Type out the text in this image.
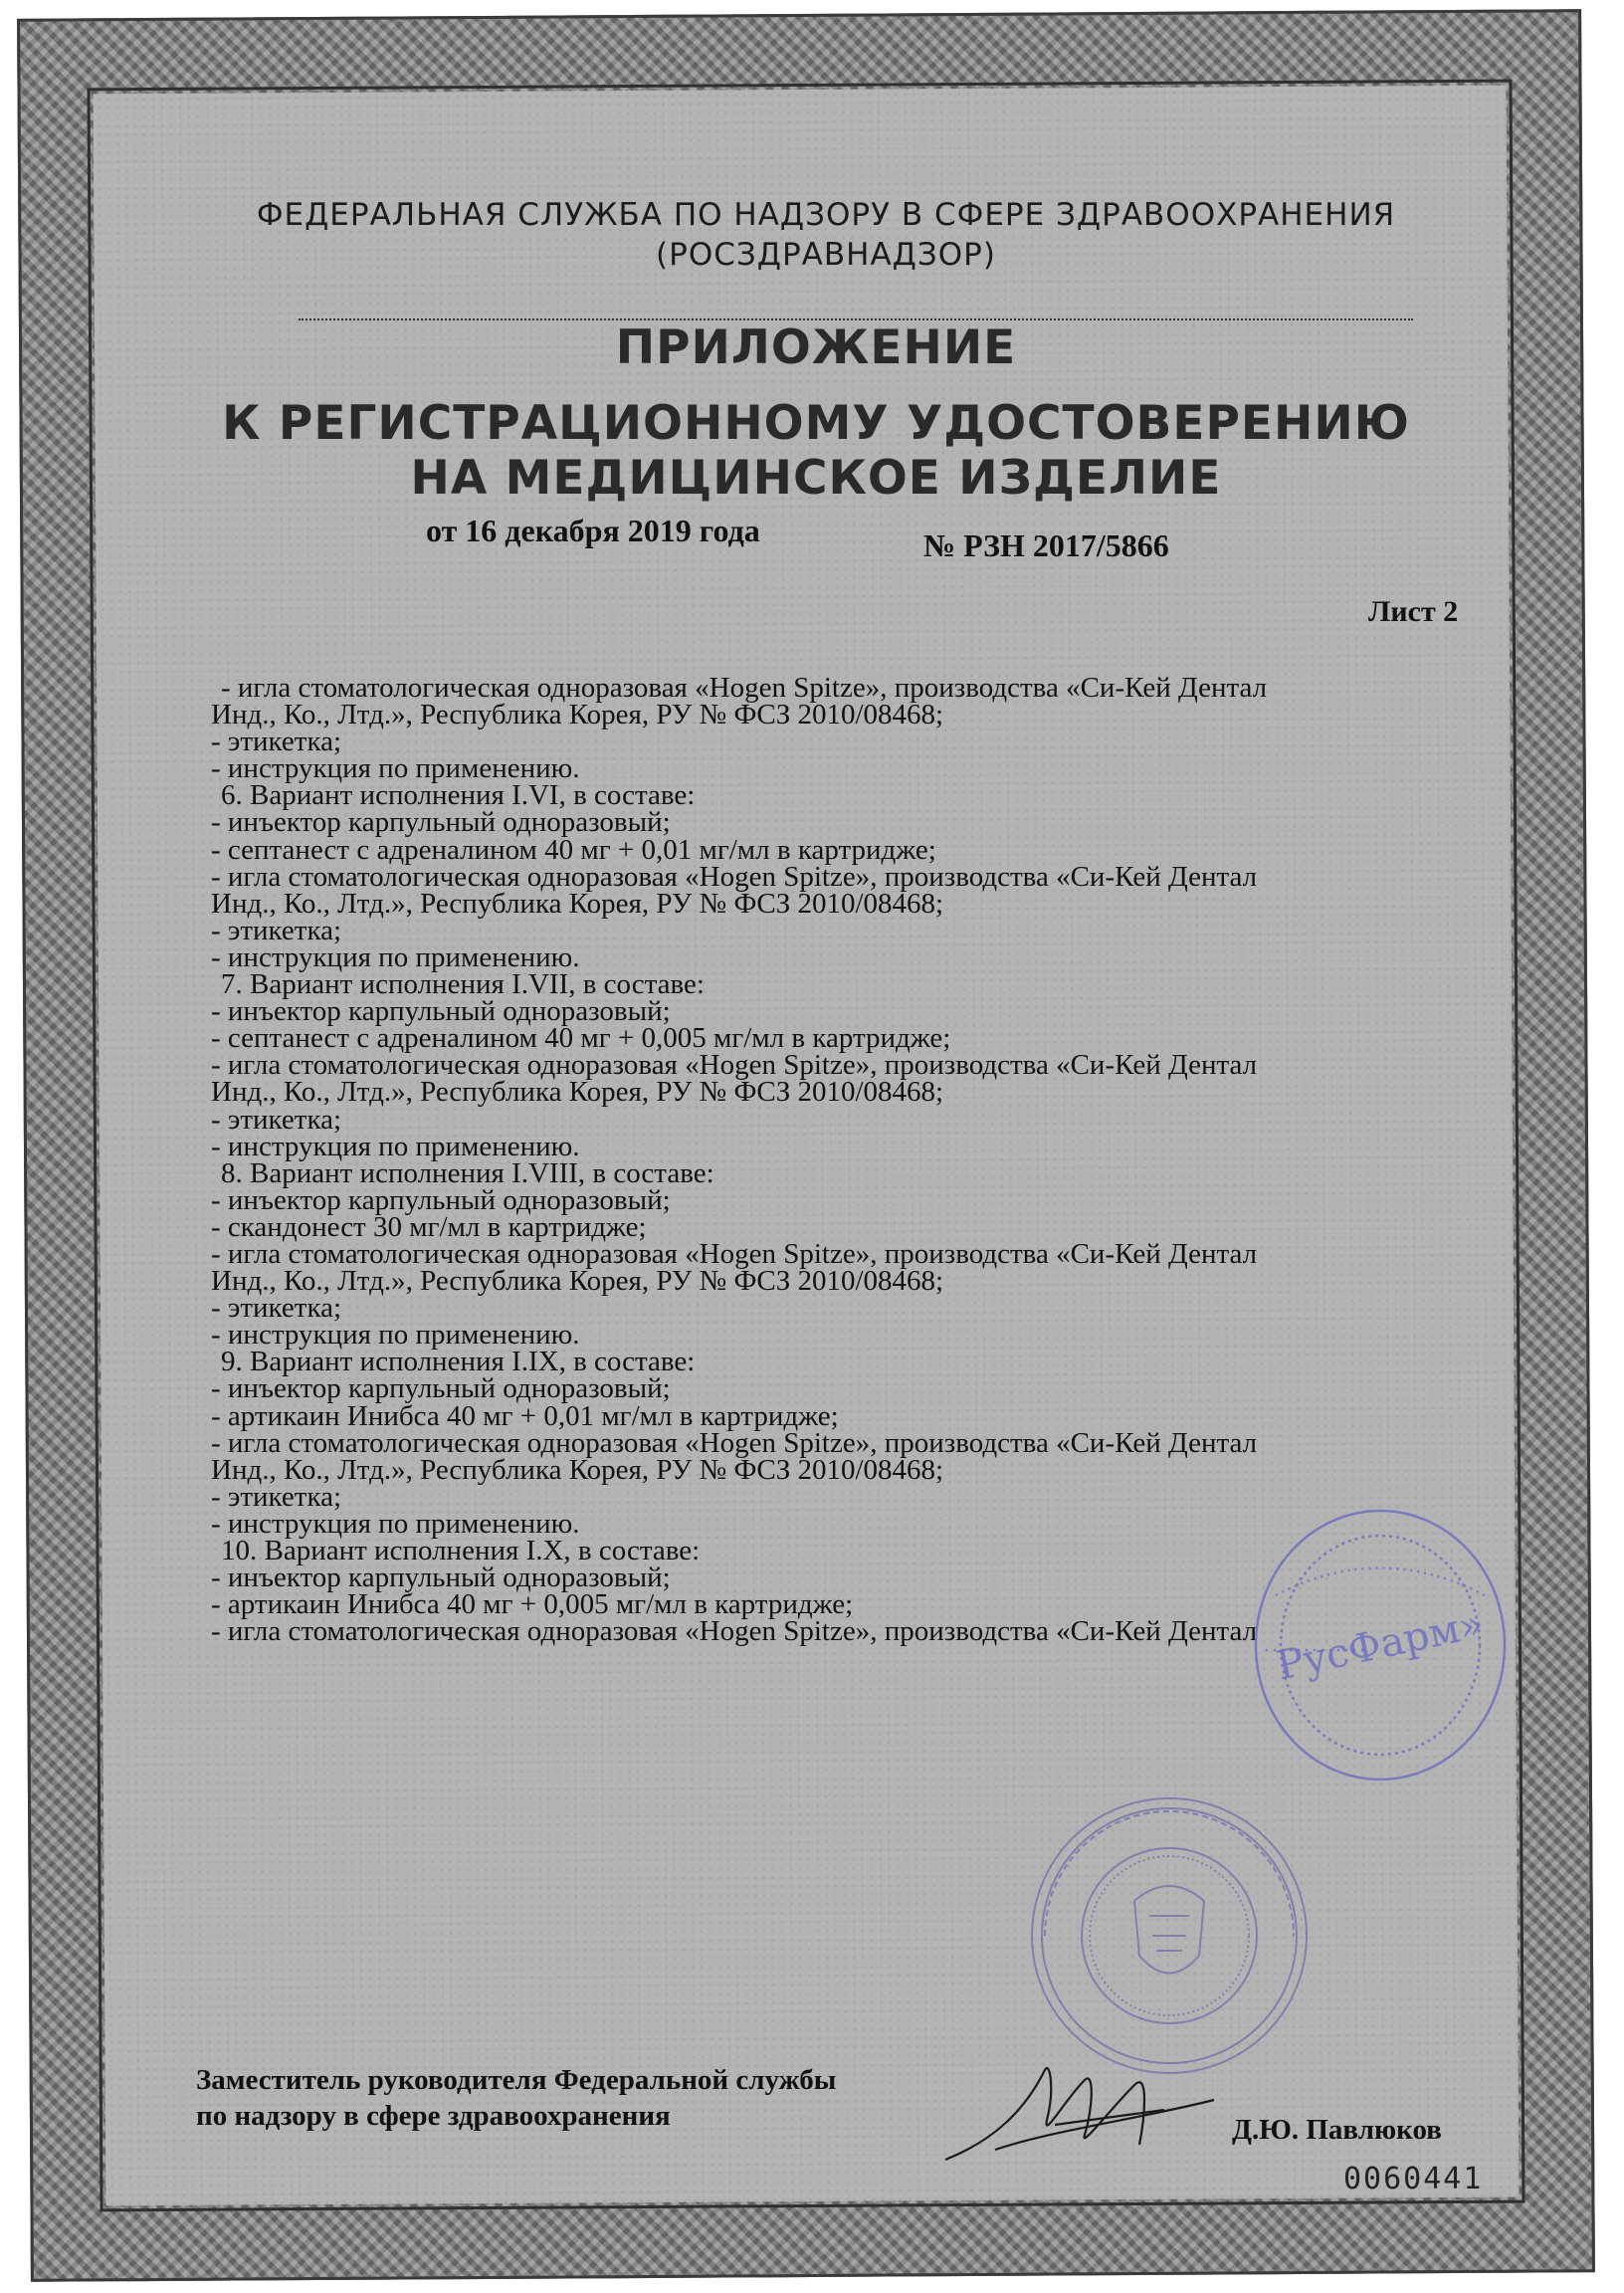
ФЕДЕРАЛЬНАЯ СЛУЖБА ПО НАДЗОРУ В СФЕРЕ ЗДРАВООХРАНЕНИЯ
(РОСЗДРАВНАДЗОР)
ПРИЛОЖЕНИЕ
К РЕГИСТРАЦИОННОМУ УДОСТОВЕРЕНИЮ
НА МЕДИЦИНСКОЕ ИЗДЕЛИЕ
от 16 декабря 2019 года	№ РЗН 2017/5866
Лист 2
- игла стоматологическая одноразовая «Hogen Spitze», производства «Си-Кей Дентал
Инд., Ко., Лтд.», Республика Корея, РУ № ФСЗ 2010/08468;
- этикетка;
- инструкция по применению.
6. Вариант исполнения I.VI, в составе:
- инъектор карпульный одноразовый;
- септанест с адреналином 40 мг + 0,01 мг/мл в картридже;
- игла стоматологическая одноразовая «Hogen Spitze», производства «Си-Кей Дентал
Инд., Ко., Лтд.», Республика Корея, РУ № ФСЗ 2010/08468;
- этикетка;
- инструкция по применению.
7. Вариант исполнения I.VII, в составе:
- инъектор карпульный одноразовый;
- септанест с адреналином 40 мг + 0,005 мг/мл в картридже;
- игла стоматологическая одноразовая «Hogen Spitze», производства «Си-Кей Дентал
Инд., Ко., Лтд.», Республика Корея, РУ № ФСЗ 2010/08468;
- этикетка;
- инструкция по применению.
8. Вариант исполнения I.VIII, в составе:
- инъектор карпульный одноразовый;
- скандонест 30 мг/мл в картридже;
- игла стоматологическая одноразовая «Hogen Spitze», производства «Си-Кей Дентал
Инд., Ко., Лтд.», Республика Корея, РУ № ФСЗ 2010/08468;
- этикетка;
- инструкция по применению.
9. Вариант исполнения I.IX, в составе:
- инъектор карпульный одноразовый;
- артикаин Инибса 40 мг + 0,01 мг/мл в картридже;
- игла стоматологическая одноразовая «Hogen Spitze», производства «Си-Кей Дентал
Инд., Ко., Лтд.», Республика Корея, РУ № ФСЗ 2010/08468;
- этикетка;
- инструкция по применению.
10. Вариант исполнения I.X, в составе:
- инъектор карпульный одноразовый;
- артикаин Инибса 40 мг + 0,005 мг/мл в картридже;
- игла стоматологическая одноразовая «Hogen Spitze», производства «Си-Кей Дентал
Заместитель руководителя Федеральной службы
по надзору в сфере здравоохранения	Д.Ю. Павлюков
0060441
РусФарм»
